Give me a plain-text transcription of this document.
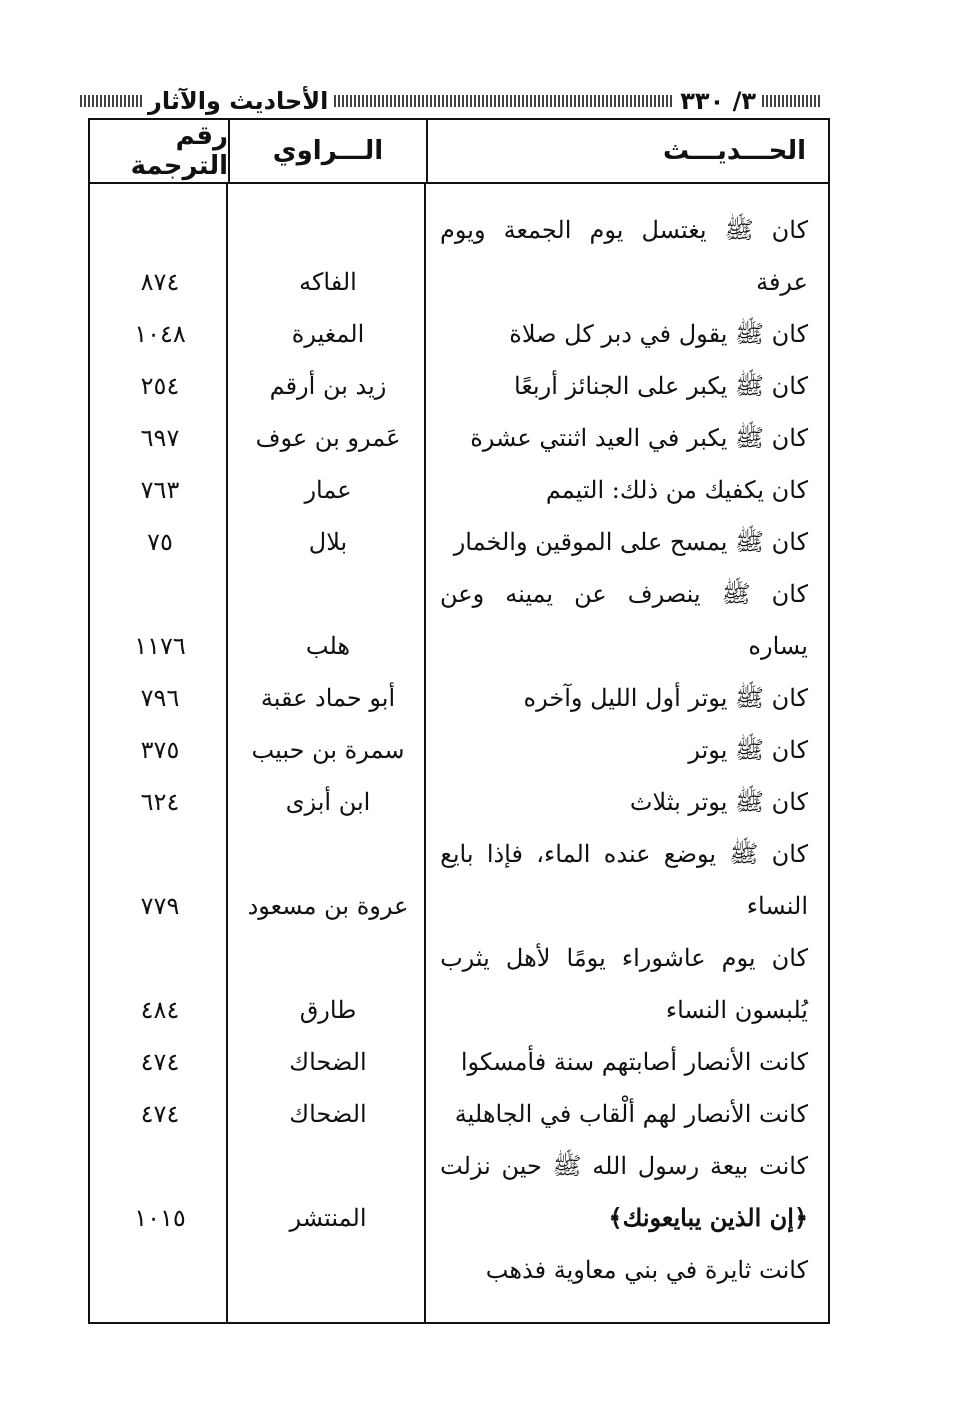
٣/ ٣٣٠
الأحاديث والآثار
الحـــديـــث
الـــراوي
رقم الترجمة
كان
ﷺ
يغتسل
يوم
الجمعة
ويوم
عرفة
الفاكه
٨٧٤
كان ﷺ يقول في دبر كل صلاة
المغيرة
١٠٤٨
كان ﷺ يكبر على الجنائز أربعًا
زيد بن أرقم
٢٥٤
كان ﷺ يكبر في العيد اثنتي عشرة
عَمرو بن عوف
٦٩٧
كان يكفيك من ذلك: التيمم
عمار
٧٦٣
كان ﷺ يمسح على الموقين والخمار
بلال
٧٥
كان
ﷺ
ينصرف
عن
يمينه
وعن
يساره
هلب
١١٧٦
كان ﷺ يوتر أول الليل وآخره
أبو حماد عقبة
٧٩٦
كان ﷺ يوتر
سمرة بن حبيب
٣٧٥
كان ﷺ يوتر بثلاث
ابن أبزى
٦٢٤
كان
ﷺ
يوضع
عنده
الماء،
فإذا
بايع
النساء
عروة بن مسعود
٧٧٩
كان
يوم
عاشوراء
يومًا
لأهل
يثرب
يُلبسون النساء
طارق
٤٨٤
كانت الأنصار أصابتهم سنة فأمسكوا
الضحاك
٤٧٤
كانت الأنصار لهم ألْقاب في الجاهلية
الضحاك
٤٧٤
كانت
بيعة
رسول
الله
ﷺ
حين
نزلت
﴿إن الذين يبايعونك﴾
المنتشر
١٠١٥
كانت ثايرة في بني معاوية فذهب
